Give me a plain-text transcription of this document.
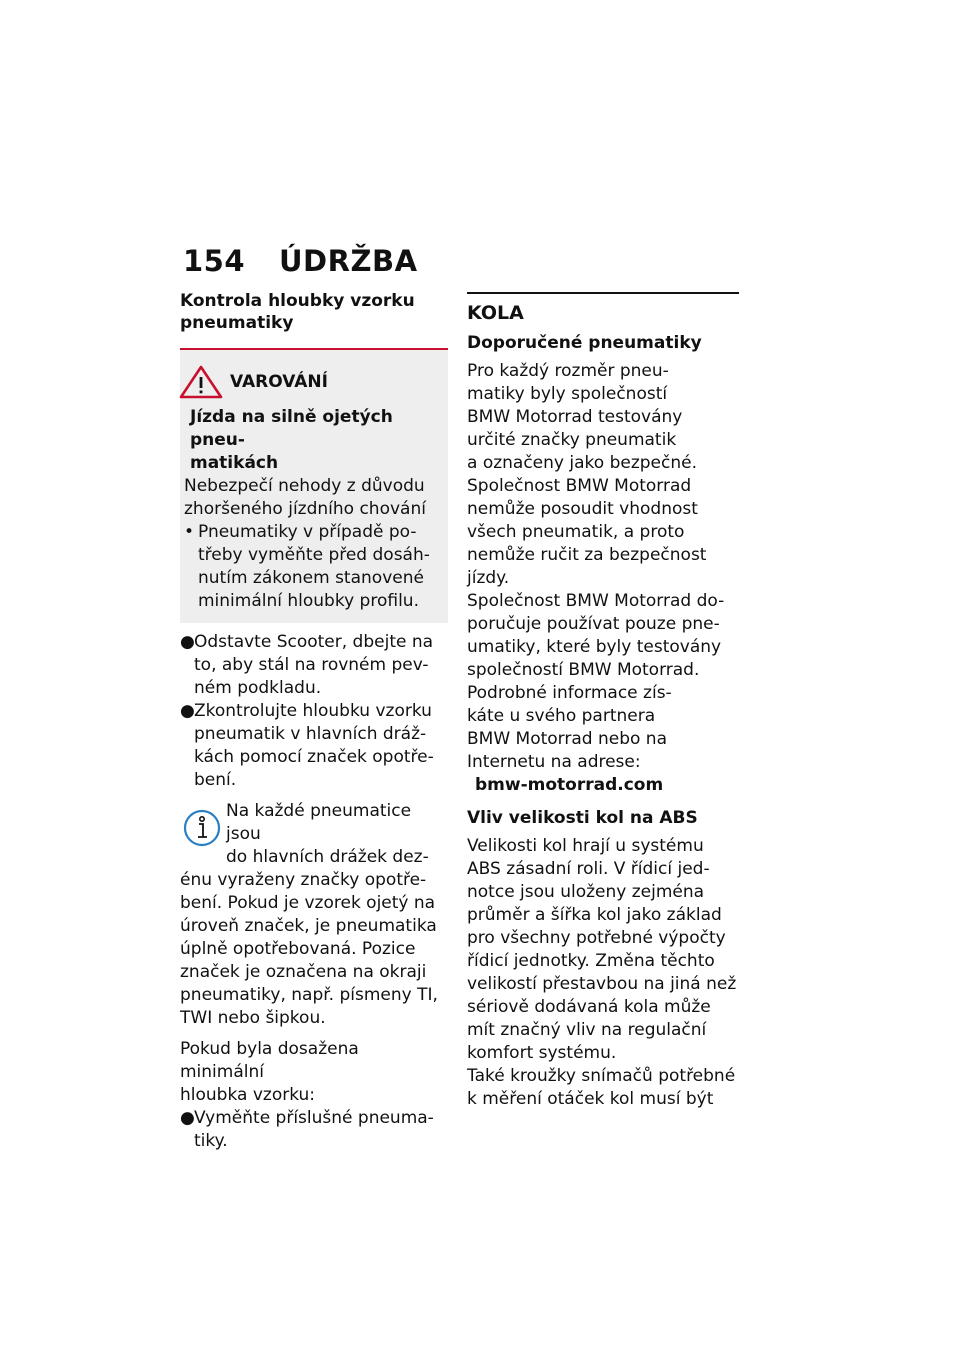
154 ÚDRŽBA
Kontrola hloubky vzorku
pneumatiky
VAROVÁNÍ
Jízda na silně ojetých pneu-
matikách
Nebezpečí nehody z důvodu
zhoršeného jízdního chování
• Pneumatiky v případě po-
třeby vyměňte před dosáh-
nutím zákonem stanovené
minimální hloubky profilu.
● Odstavte Scooter, dbejte na
to, aby stál na rovném pev-
ném podkladu.
● Zkontrolujte hloubku vzorku
pneumatik v hlavních dráž-
kách pomocí značek opotře-
bení.
Na každé pneumatice jsou
do hlavních drážek dez-
énu vyraženy značky opotře-
bení. Pokud je vzorek ojetý na
úroveň značek, je pneumatika
úplně opotřebovaná. Pozice
značek je označena na okraji
pneumatiky, např. písmeny TI,
TWI nebo šipkou.
Pokud byla dosažena minimální
hloubka vzorku:
● Vyměňte příslušné pneuma-
tiky.
KOLA
Doporučené pneumatiky
Pro každý rozměr pneu-
matiky byly společností
BMW Motorrad testovány
určité značky pneumatik
a označeny jako bezpečné.
Společnost BMW Motorrad
nemůže posoudit vhodnost
všech pneumatik, a proto
nemůže ručit za bezpečnost
jízdy.
Společnost BMW Motorrad do-
poručuje používat pouze pne-
umatiky, které byly testovány
společností BMW Motorrad.
Podrobné informace zís-
káte u svého partnera
BMW Motorrad nebo na
Internetu na adrese:
bmw-motorrad.com
Vliv velikosti kol na ABS
Velikosti kol hrají u systému
ABS zásadní roli. V řídicí jed-
notce jsou uloženy zejména
průměr a šířka kol jako základ
pro všechny potřebné výpočty
řídicí jednotky. Změna těchto
velikostí přestavbou na jiná než
sériově dodávaná kola může
mít značný vliv na regulační
komfort systému.
Také kroužky snímačů potřebné
k měření otáček kol musí být
